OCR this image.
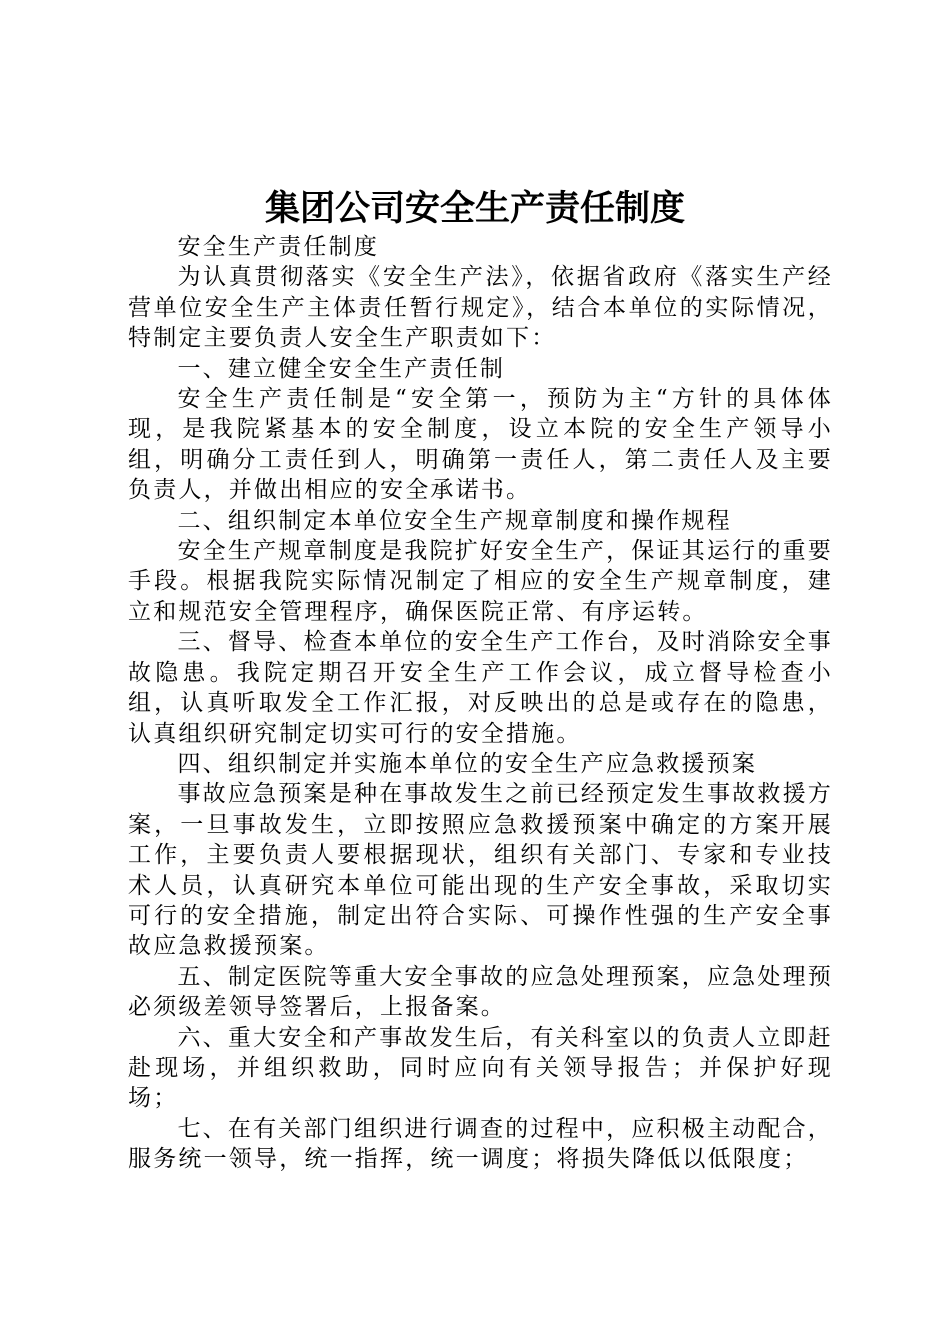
集团公司安全生产责任制度

安全生产责任制度

为认真贯彻落实《安全生产法》，依据省政府《落实生产经营单位安全生产主体责任暂行规定》，结合本单位的实际情况，特制定主要负责人安全生产职责如下：

一、建立健全安全生产责任制

安全生产责任制是“安全第一，预防为主“方针的具体体现，是我院紧基本的安全制度，设立本院的安全生产领导小组，明确分工责任到人，明确第一责任人，第二责任人及主要负责人，并做出相应的安全承诺书。

二、组织制定本单位安全生产规章制度和操作规程

安全生产规章制度是我院扩好安全生产，保证其运行的重要手段。根据我院实际情况制定了相应的安全生产规章制度，建立和规范安全管理程序，确保医院正常、有序运转。

三、督导、检查本单位的安全生产工作台，及时消除安全事故隐患。我院定期召开安全生产工作会议，成立督导检查小组，认真听取发全工作汇报，对反映出的总是或存在的隐患，认真组织研究制定切实可行的安全措施。

四、组织制定并实施本单位的安全生产应急救援预案

事故应急预案是种在事故发生之前已经预定发生事故救援方案，一旦事故发生，立即按照应急救援预案中确定的方案开展工作，主要负责人要根据现状，组织有关部门、专家和专业技术人员，认真研究本单位可能出现的生产安全事故，采取切实可行的安全措施，制定出符合实际、可操作性强的生产安全事故应急救援预案。

五、制定医院等重大安全事故的应急处理预案，应急处理预必须级差领导签署后，上报备案。

六、重大安全和产事故发生后，有关科室以的负责人立即赶赴现场，并组织救助，同时应向有关领导报告；并保护好现场；

七、在有关部门组织进行调查的过程中，应积极主动配合，服务统一领导，统一指挥，统一调度；将损失降低以低限度；
